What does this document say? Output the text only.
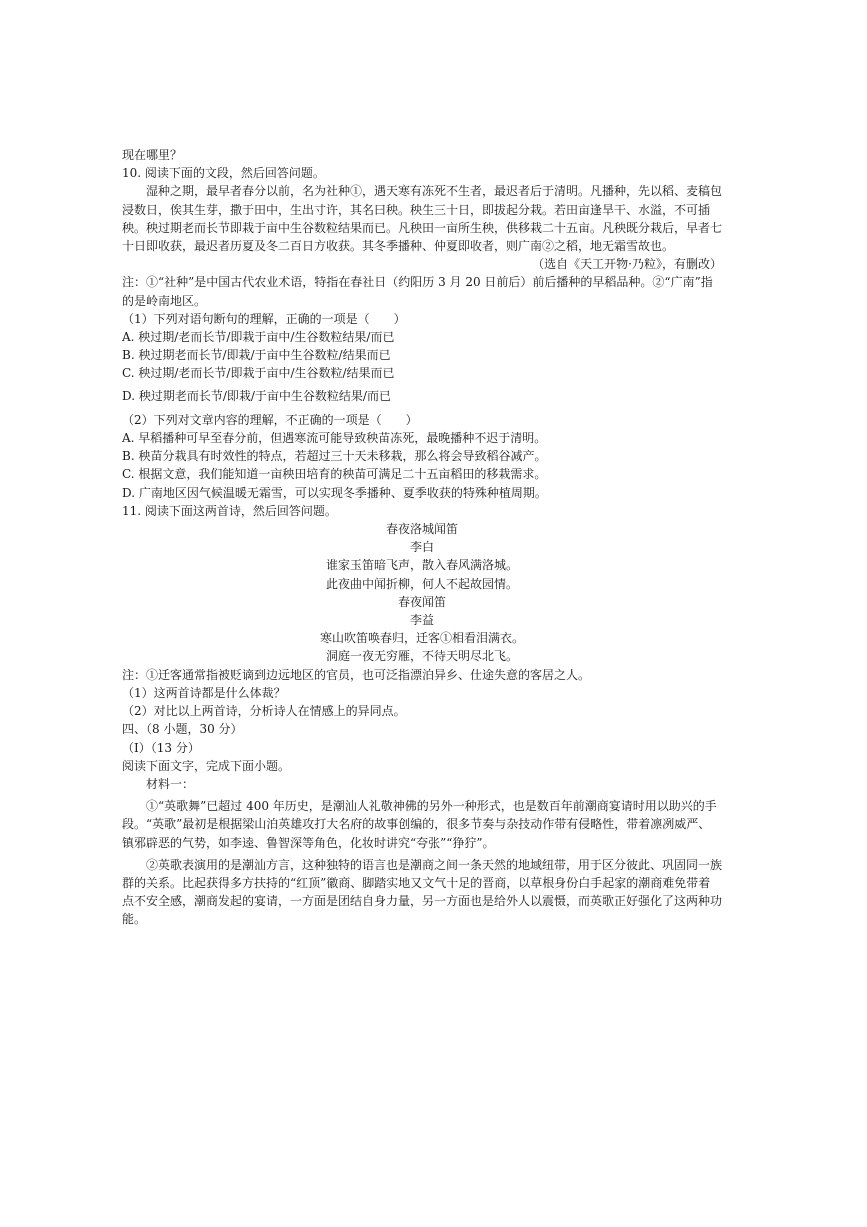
现在哪里？
10. 阅读下面的文段，然后回答问题。
湿种之期，最早者春分以前，名为社种①，遇天寒有冻死不生者，最迟者后于清明。凡播种，先以稻、麦稿包浸数日，俟其生芽，撒于田中，生出寸许，其名曰秧。秧生三十日，即拔起分栽。若田亩逢旱干、水溢，不可插秧。秧过期老而长节即栽于亩中生谷数粒结果而已。凡秧田一亩所生秧，供移栽二十五亩。凡秧既分栽后，早者七十日即收获，最迟者历夏及冬二百日方收获。其冬季播种、仲夏即收者，则广南②之稻，地无霜雪故也。
（选自《天工开物·乃粒》，有删改）
注：①“社种”是中国古代农业术语，特指在春社日（约阳历 3 月 20 日前后）前后播种的早稻品种。②“广南”指的是岭南地区。
（1）下列对语句断句的理解，正确的一项是（　　）
A. 秧过期/老而长节/即栽于亩中/生谷数粒结果/而已
B. 秧过期老而长节/即栽/于亩中生谷数粒/结果而已
C. 秧过期/老而长节/即栽于亩中/生谷数粒/结果而已
D. 秧过期老而长节/即栽/于亩中生谷数粒结果/而已
（2）下列对文章内容的理解，不正确的一项是（　　）
A. 早稻播种可早至春分前，但遇寒流可能导致秧苗冻死，最晚播种不迟于清明。
B. 秧苗分栽具有时效性的特点，若超过三十天未移栽，那么将会导致稻谷减产。
C. 根据文意，我们能知道一亩秧田培育的秧苗可满足二十五亩稻田的移栽需求。
D. 广南地区因气候温暖无霜雪，可以实现冬季播种、夏季收获的特殊种植周期。
11. 阅读下面这两首诗，然后回答问题。
春夜洛城闻笛
李白
谁家玉笛暗飞声，散入春风满洛城。
此夜曲中闻折柳，何人不起故园情。
春夜闻笛
李益
寒山吹笛唤春归，迁客①相看泪满衣。
洞庭一夜无穷雁，不待天明尽北飞。
注：①迁客通常指被贬谪到边远地区的官员，也可泛指漂泊异乡、仕途失意的客居之人。
（1）这两首诗都是什么体裁？
（2）对比以上两首诗，分析诗人在情感上的异同点。
四、（8 小题，30 分）
（Ⅰ）（13 分）
阅读下面文字，完成下面小题。
材料一：
①“英歌舞”已超过 400 年历史，是潮汕人礼敬神佛的另外一种形式，也是数百年前潮商宴请时用以助兴的手段。“英歌”最初是根据梁山泊英雄攻打大名府的故事创编的，很多节奏与杂技动作带有侵略性，带着凛冽威严、镇邪辟恶的气势，如李逵、鲁智深等角色，化妆时讲究“夸张”“狰狞”。
②英歌表演用的是潮汕方言，这种独特的语言也是潮商之间一条天然的地域纽带，用于区分彼此、巩固同一族群的关系。比起获得多方扶持的“红顶”徽商、脚踏实地又文气十足的晋商，以草根身份白手起家的潮商难免带着点不安全感，潮商发起的宴请，一方面是团结自身力量，另一方面也是给外人以震慑，而英歌正好强化了这两种功能。
